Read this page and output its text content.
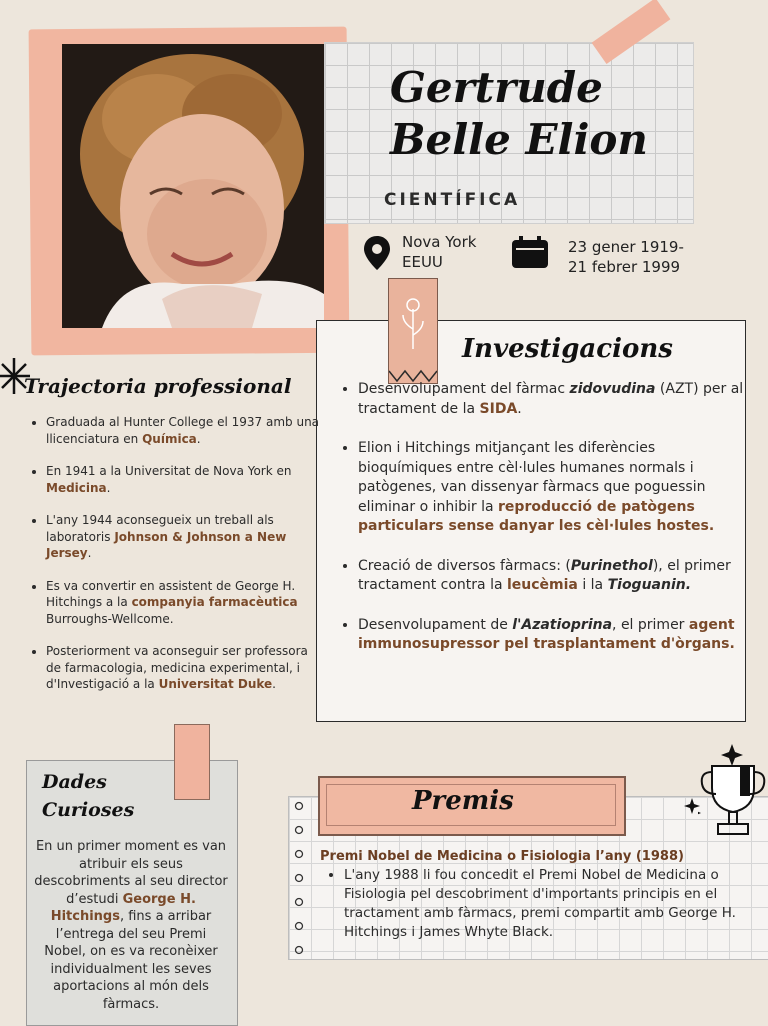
Gertrude
Belle Elion
CIENTÍFICA
Nova York
EEUU
23 gener 1919-
21 febrer 1999
Investigacions
• Desenvolupament del fàrmac zidovudina (AZT) per al tractament de la SIDA.
• Elion i Hitchings mitjançant les diferències bioquímiques entre cèl·lules humanes normals i patògenes, van dissenyar fàrmacs que poguessin eliminar o inhibir la reproducció de patògens particulars sense danyar les cèl·lules hostes.
• Creació de diversos fàrmacs: (Purinethol), el primer tractament contra la leucèmia i la Tioguanin.
• Desenvolupament de l'Azatioprina, el primer agent immunosupressor pel trasplantament d'òrgans.
Trajectoria professional
• Graduada al Hunter College el 1937 amb una llicenciatura en Química.
• En 1941 a la Universitat de Nova York en Medicina.
• L'any 1944 aconsegueix un treball als laboratoris Johnson & Johnson a New Jersey.
• Es va convertir en assistent de George H. Hitchings a la companyia farmacèutica Burroughs-Wellcome.
• Posteriorment va aconseguir ser professora de farmacologia, medicina experimental, i d'Investigació a la Universitat Duke.
Dades
Curioses
En un primer moment es van atribuir els seus descobriments al seu director d’estudi George H. Hitchings, fins a arribar l’entrega del seu Premi Nobel, on es va reconèixer individualment les seves aportacions al món dels fàrmacs.
Premis
Premi Nobel de Medicina o Fisiologia l’any (1988)
• L'any 1988 li fou concedit el Premi Nobel de Medicina o Fisiologia pel descobriment d'importants principis en el tractament amb fàrmacs, premi compartit amb George H. Hitchings i James Whyte Black.
